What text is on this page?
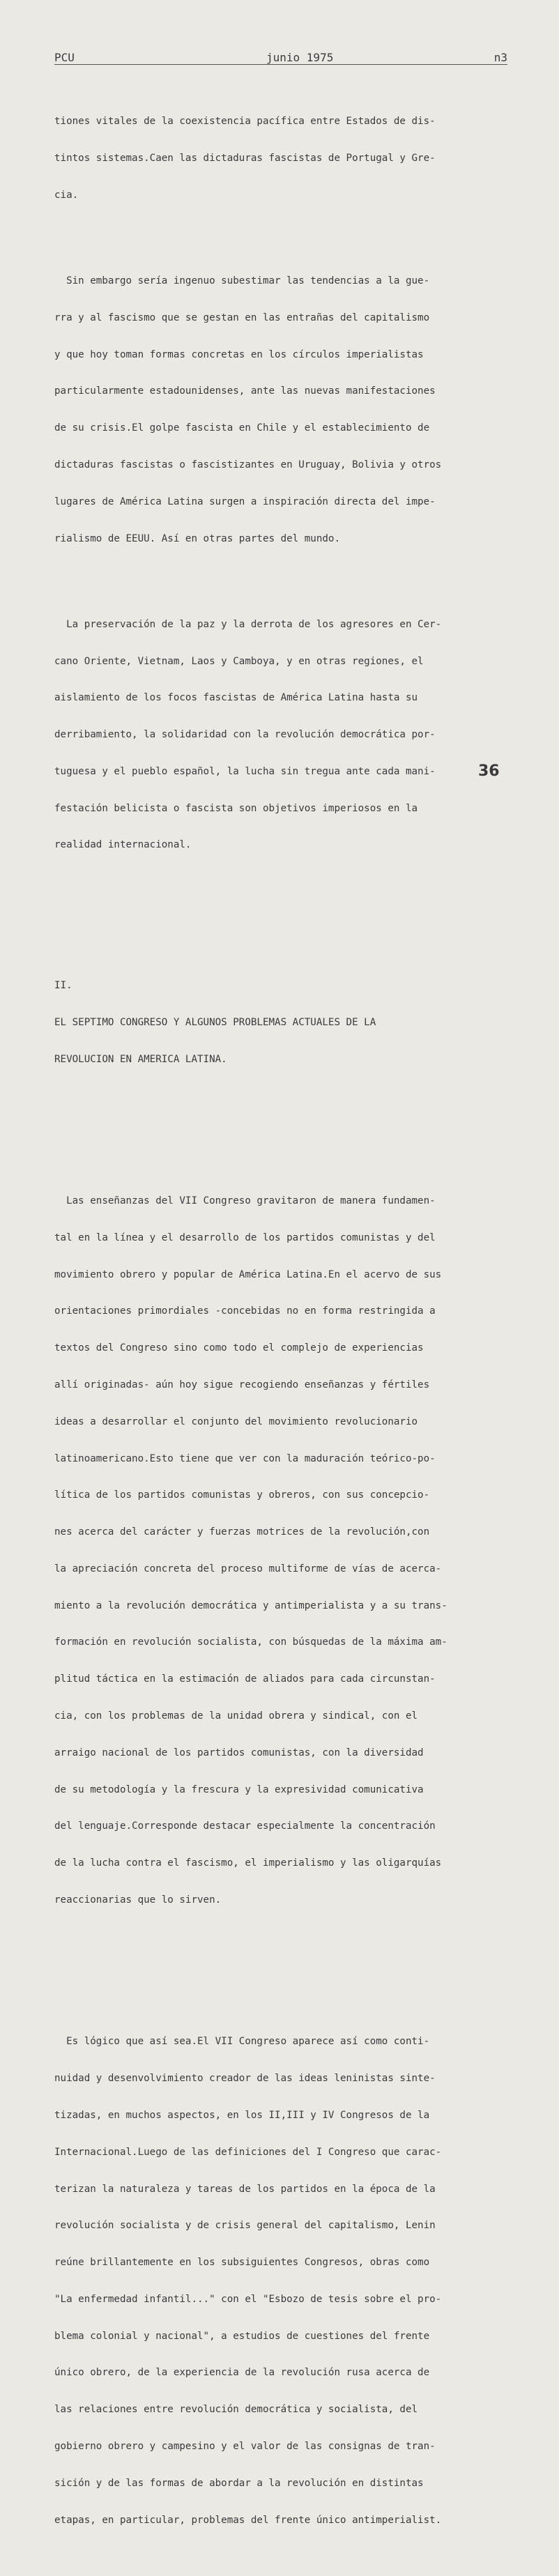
PCU	junio 1975	n3

tiones vitales de la coexistencia pacífica entre Estados de dis-

tintos sistemas.Caen las dictaduras fascistas de Portugal y Gre-

cia.

Sin embargo sería ingenuo subestimar las tendencias a la gue-

rra y al fascismo que se gestan en las entrañas del capitalismo

y que hoy toman formas concretas en los círculos imperialistas

particularmente estadounidenses, ante las nuevas manifestaciones

de su crisis.El golpe fascista en Chile y el establecimiento de

dictaduras fascistas o fascistizantes en Uruguay, Bolivia y otros

lugares de América Latina surgen a inspiración directa del impe-

rialismo de EEUU. Así en otras partes del mundo.

La preservación de la paz y la derrota de los agresores en Cer-

cano Oriente, Vietnam, Laos y Camboya, y en otras regiones, el

aislamiento de los focos fascistas de América Latina hasta su

derribamiento, la solidaridad con la revolución democrática por-

tuguesa y el pueblo español, la lucha sin tregua ante cada mani-

festación belicista o fascista son objetivos imperiosos en la

realidad internacional.

II.

EL SEPTIMO CONGRESO Y ALGUNOS PROBLEMAS ACTUALES DE LA

REVOLUCION EN AMERICA LATINA.

Las enseñanzas del VII Congreso gravitaron de manera fundamen-

tal en la línea y el desarrollo de los partidos comunistas y del

movimiento obrero y popular de América Latina.En el acervo de sus

orientaciones primordiales -concebidas no en forma restringida a

textos del Congreso sino como todo el complejo de experiencias

allí originadas- aún hoy sigue recogiendo enseñanzas y fértiles

ideas a desarrollar el conjunto del movimiento revolucionario

latinoamericano.Esto tiene que ver con la maduración teórico-po-

lítica de los partidos comunistas y obreros, con sus concepcio-

nes acerca del carácter y fuerzas motrices de la revolución,con

la apreciación concreta del proceso multiforme de vías de acerca-

miento a la revolución democrática y antimperialista y a su trans-

formación en revolución socialista, con búsquedas de la máxima am-

plitud táctica en la estimación de aliados para cada circunstan-

cia, con los problemas de la unidad obrera y sindical, con el

arraigo nacional de los partidos comunistas, con la diversidad

de su metodología y la frescura y la expresividad comunicativa

del lenguaje.Corresponde destacar especialmente la concentración

de la lucha contra el fascismo, el imperialismo y las oligarquías

reaccionarias que lo sirven.

Es lógico que así sea.El VII Congreso aparece así como conti-

nuidad y desenvolvimiento creador de las ideas leninistas sinte-

tizadas, en muchos aspectos, en los II,III y IV Congresos de la

Internacional.Luego de las definiciones del I Congreso que carac-

terizan la naturaleza y tareas de los partidos en la época de la

revolución socialista y de crisis general del capitalismo, Lenin

reúne brillantemente en los subsiguientes Congresos, obras como

"La enfermedad infantil..." con el "Esbozo de tesis sobre el pro-

blema colonial y nacional", a estudios de cuestiones del frente

único obrero, de la experiencia de la revolución rusa acerca de

las relaciones entre revolución democrática y socialista, del

gobierno obrero y campesino y el valor de las consignas de tran-

sición y de las formas de abordar a la revolución en distintas

etapas, en particular, problemas del frente único antimperialist.

36
